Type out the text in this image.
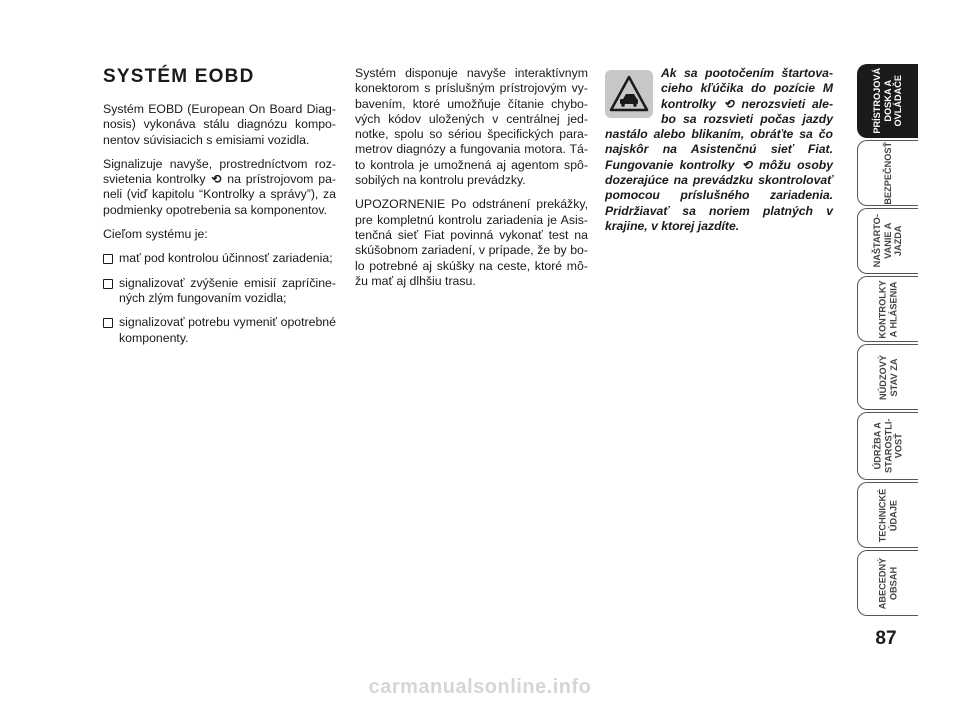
SYSTÉM EOBD

Systém EOBD (European On Board Diagnosis) vykonáva stálu diagnózu komponentov súvisiacich s emisiami vozidla.

Signalizuje navyše, prostredníctvom rozsvietenia kontrolky ⟲ na prístrojovom paneli (viď kapitolu “Kontrolky a správy”), za podmienky opotrebenia sa komponentov.

Cieľom systému je:

mať pod kontrolou účinnosť zariadenia;
signalizovať zvýšenie emisií zapríčinených zlým fungovaním vozidla;
signalizovať potrebu vymeniť opotrebné komponenty.

Systém disponuje navyše interaktívnym konektorom s príslušným prístrojovým vybavením, ktoré umožňuje čítanie chybových kódov uložených v centrálnej jednotke, spolu so sériou špecifických parametrov diagnózy a fungovania motora. Táto kontrola je umožnená aj agentom spôsobilých na kontrolu prevádzky.

UPOZORNENIE Po odstránení prekážky, pre kompletnú kontrolu zariadenia je Asistenčná sieť Fiat povinná vykonať test na skúšobnom zariadení, v prípade, že by bolo potrebné aj skúšky na ceste, ktoré môžu mať aj dlhšiu trasu.

Ak sa pootočením štartovacieho kľúčika do pozície M kontrolky ⟲ nerozsvieti alebo sa rozsvieti počas jazdy nastálo alebo blikaním, obráťte sa čo najskôr na Asistenčnú sieť Fiat. Fungovanie kontrolky ⟲ môžu osoby dozerajúce na prevádzku skontrolovať pomocou príslušného zariadenia. Pridržiavať sa noriem platných v krajine, v ktorej jazdíte.
PRÍSTROJOVÁ
DOSKA A
OVLÁDAČE
BEZPEČNOSŤ
NAŠTARTO-
VANIE A
JAZDA
KONTROLKY
A HLÁSENIA
NÚDZOVÝ
STAV ZA
ÚDRŽBA A
STAROSTLI-
VOSŤ
TECHNICKÉ
ÚDAJE
ABECEDNÝ
OBSAH
87
carmanualsonline.info
